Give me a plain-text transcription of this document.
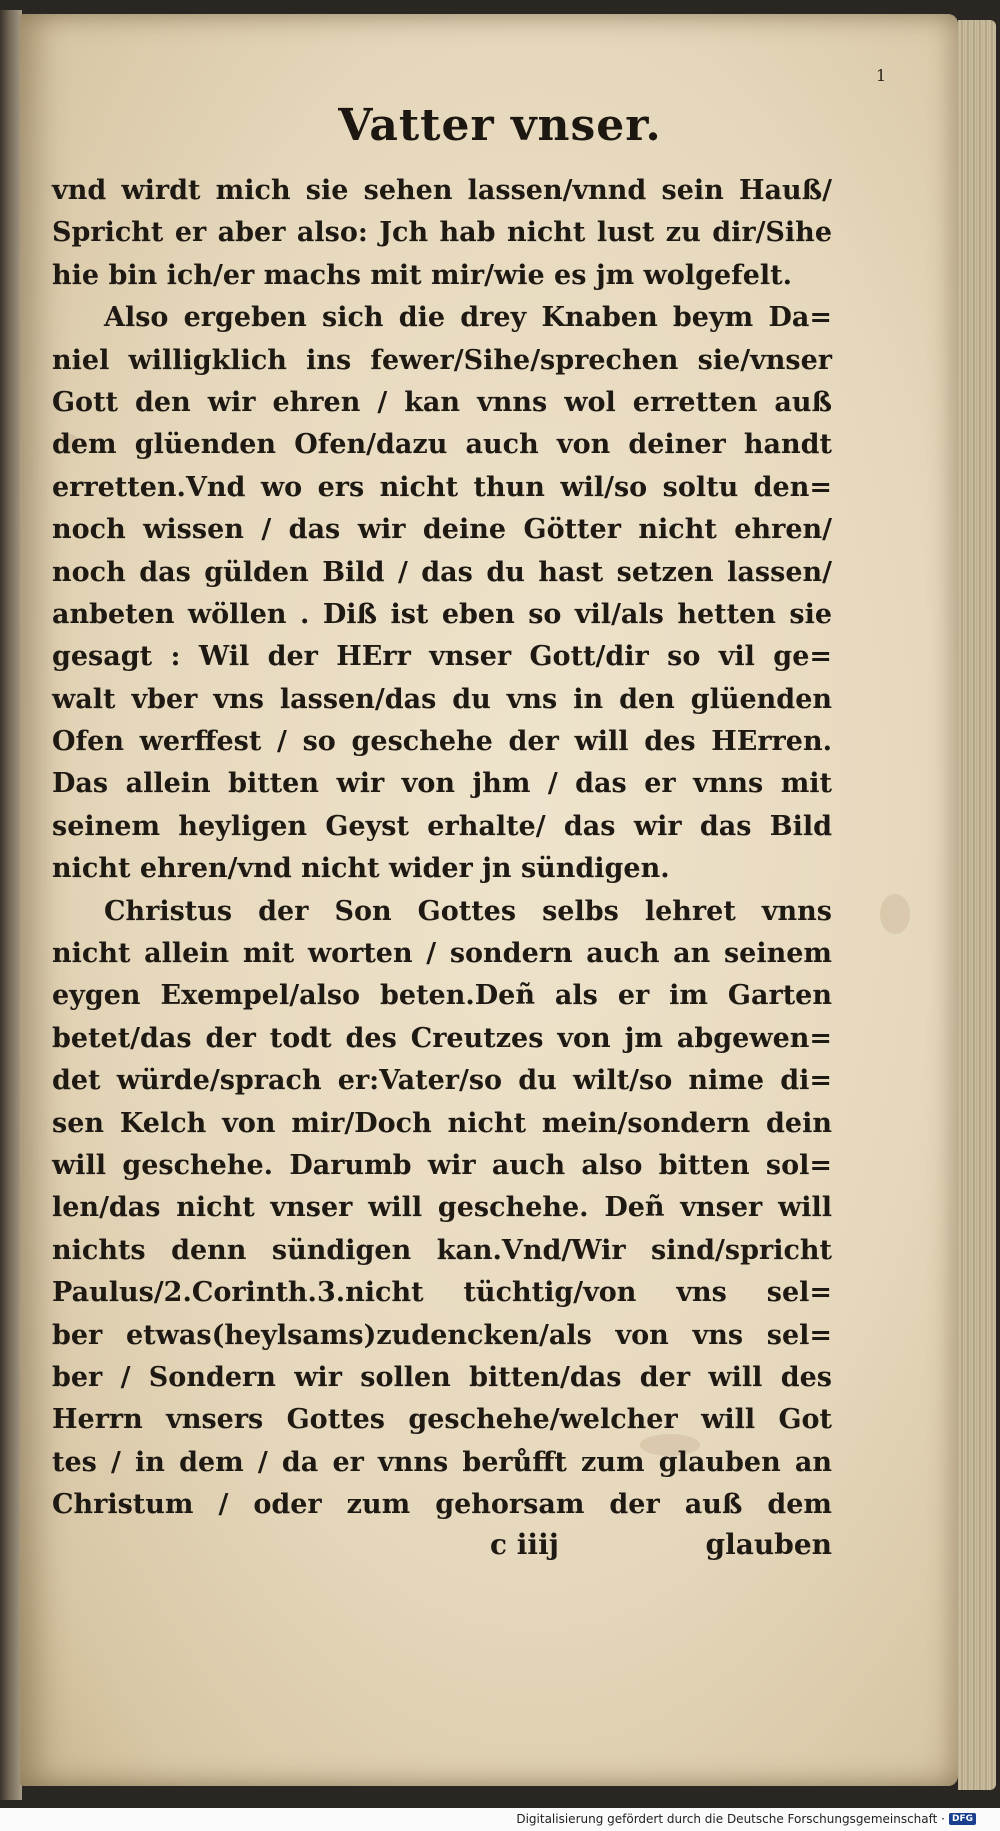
1
Vatter vnser.
vnd wirdt mich sie sehen lassen/vnnd sein Hauß/
Spricht er aber also: Jch hab nicht lust zu dir/Sihe
hie bin ich/er machs mit mir/wie es jm wolgefelt.
Also ergeben sich die drey Knaben beym Da=
niel willigklich ins fewer/Sihe/sprechen sie/vnser
Gott den wir ehren / kan vnns wol erretten auß
dem glüenden Ofen/dazu auch von deiner handt
erretten.Vnd wo ers nicht thun wil/so soltu den=
noch wissen / das wir deine Götter nicht ehren/
noch das gülden Bild / das du hast setzen lassen/
anbeten wöllen . Diß ist eben so vil/als hetten sie
gesagt : Wil der HErr vnser Gott/dir so vil ge=
walt vber vns lassen/das du vns in den glüenden
Ofen werffest / so geschehe der will des HErren.
Das allein bitten wir von jhm / das er vnns mit
seinem heyligen Geyst erhalte/ das wir das Bild
nicht ehren/vnd nicht wider jn sündigen.
Christus der Son Gottes selbs lehret vnns
nicht allein mit worten / sondern auch an seinem
eygen Exempel/also beten.Deñ als er im Garten
betet/das der todt des Creutzes von jm abgewen=
det würde/sprach er:Vater/so du wilt/so nime di=
sen Kelch von mir/Doch nicht mein/sondern dein
will geschehe. Darumb wir auch also bitten sol=
len/das nicht vnser will geschehe. Deñ vnser will
nichts denn sündigen kan.Vnd/Wir sind/spricht
Paulus/2.Corinth.3.nicht tüchtig/von vns sel=
ber etwas(heylsams)zudencken/als von vns sel=
ber / Sondern wir sollen bitten/das der will des
Herrn vnsers Gottes geschehe/welcher will Got
tes / in dem / da er vnns berůfft zum glauben an
Christum / oder zum gehorsam der auß dem
c iiij	glauben
Digitalisierung gefördert durch die Deutsche Forschungsgemeinschaft · DFG
